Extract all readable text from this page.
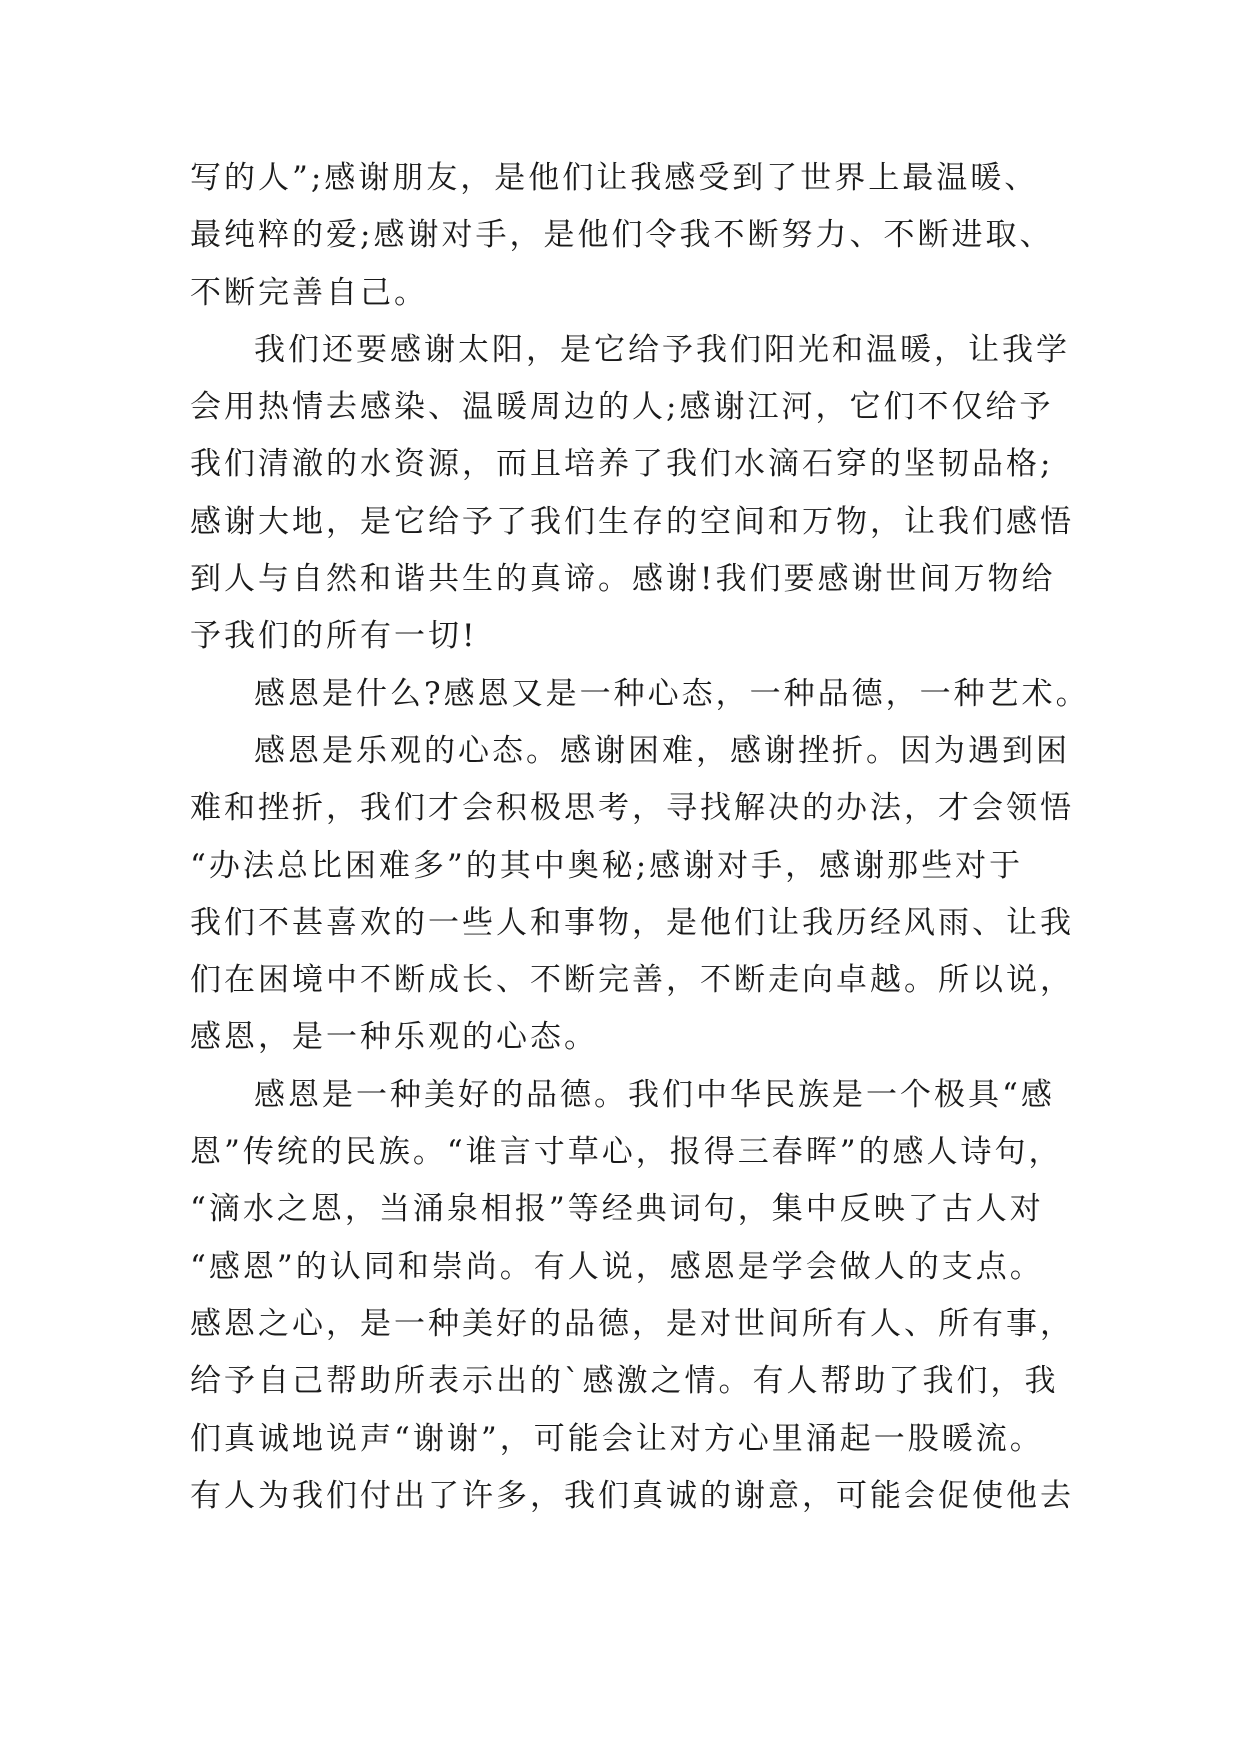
写的人”;感谢朋友，是他们让我感受到了世界上最温暖、
最纯粹的爱;感谢对手，是他们令我不断努力、不断进取、
不断完善自己。
我们还要感谢太阳，是它给予我们阳光和温暖，让我学
会用热情去感染、温暖周边的人;感谢江河，它们不仅给予
我们清澈的水资源，而且培养了我们水滴石穿的坚韧品格;
感谢大地，是它给予了我们生存的空间和万物，让我们感悟
到人与自然和谐共生的真谛。感谢!我们要感谢世间万物给
予我们的所有一切!
感恩是什么?感恩又是一种心态，一种品德，一种艺术。
感恩是乐观的心态。感谢困难，感谢挫折。因为遇到困
难和挫折，我们才会积极思考，寻找解决的办法，才会领悟
“办法总比困难多”的其中奥秘;感谢对手，感谢那些对于
我们不甚喜欢的一些人和事物，是他们让我历经风雨、让我
们在困境中不断成长、不断完善，不断走向卓越。所以说，
感恩，是一种乐观的心态。
感恩是一种美好的品德。我们中华民族是一个极具“感
恩”传统的民族。“谁言寸草心，报得三春晖”的感人诗句，
“滴水之恩，当涌泉相报”等经典词句，集中反映了古人对
“感恩”的认同和崇尚。有人说，感恩是学会做人的支点。
感恩之心，是一种美好的品德，是对世间所有人、所有事，
给予自己帮助所表示出的`感激之情。有人帮助了我们，我
们真诚地说声“谢谢”，可能会让对方心里涌起一股暖流。
有人为我们付出了许多，我们真诚的谢意，可能会促使他去
